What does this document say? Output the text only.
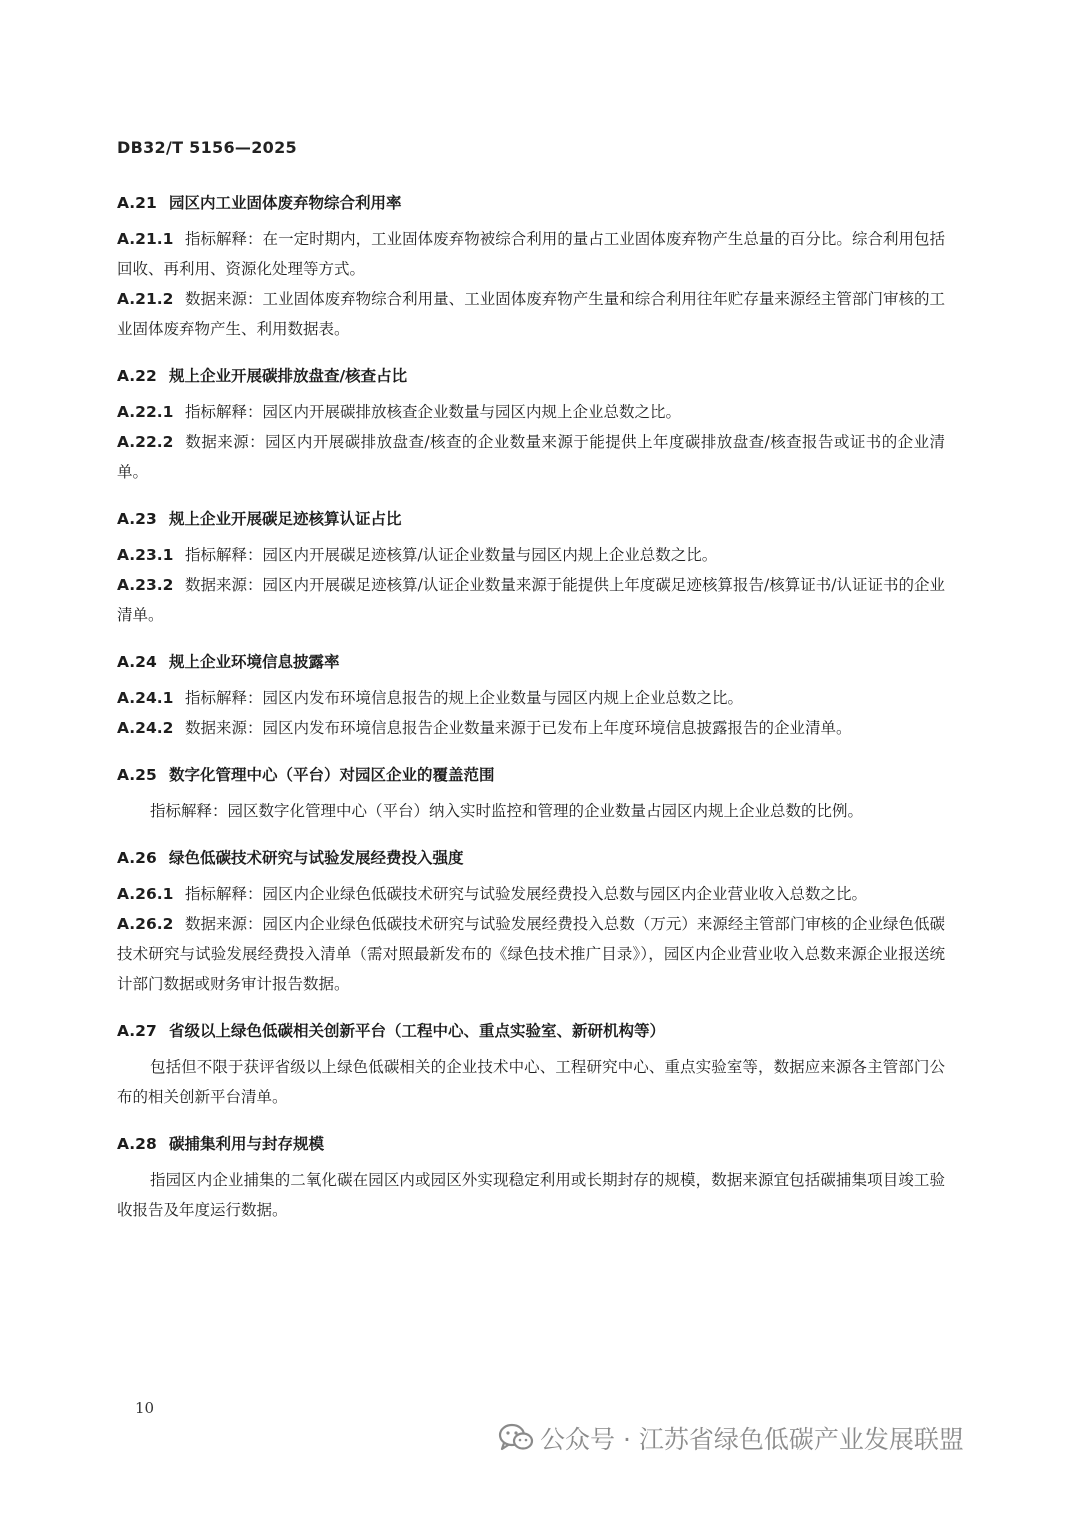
DB32/T 5156—2025
A.21 园区内工业固体废弃物综合利用率

A.21.1 指标解释：在一定时期内，工业固体废弃物被综合利用的量占工业固体废弃物产生总量的百分比。综合利用包括回收、再利用、资源化处理等方式。

A.21.2 数据来源：工业固体废弃物综合利用量、工业固体废弃物产生量和综合利用往年贮存量来源经主管部门审核的工业固体废弃物产生、利用数据表。

A.22 规上企业开展碳排放盘查/核查占比

A.22.1 指标解释：园区内开展碳排放核查企业数量与园区内规上企业总数之比。

A.22.2 数据来源：园区内开展碳排放盘查/核查的企业数量来源于能提供上年度碳排放盘查/核查报告或证书的企业清单。

A.23 规上企业开展碳足迹核算认证占比

A.23.1 指标解释：园区内开展碳足迹核算/认证企业数量与园区内规上企业总数之比。

A.23.2 数据来源：园区内开展碳足迹核算/认证企业数量来源于能提供上年度碳足迹核算报告/核算证书/认证证书的企业清单。

A.24 规上企业环境信息披露率

A.24.1 指标解释：园区内发布环境信息报告的规上企业数量与园区内规上企业总数之比。

A.24.2 数据来源：园区内发布环境信息报告企业数量来源于已发布上年度环境信息披露报告的企业清单。

A.25 数字化管理中心（平台）对园区企业的覆盖范围

指标解释：园区数字化管理中心（平台）纳入实时监控和管理的企业数量占园区内规上企业总数的比例。

A.26 绿色低碳技术研究与试验发展经费投入强度

A.26.1 指标解释：园区内企业绿色低碳技术研究与试验发展经费投入总数与园区内企业营业收入总数之比。

A.26.2 数据来源：园区内企业绿色低碳技术研究与试验发展经费投入总数（万元）来源经主管部门审核的企业绿色低碳技术研究与试验发展经费投入清单（需对照最新发布的《绿色技术推广目录》），园区内企业营业收入总数来源企业报送统计部门数据或财务审计报告数据。

A.27 省级以上绿色低碳相关创新平台（工程中心、重点实验室、新研机构等）

包括但不限于获评省级以上绿色低碳相关的企业技术中心、工程研究中心、重点实验室等，数据应来源各主管部门公布的相关创新平台清单。

A.28 碳捕集利用与封存规模

指园区内企业捕集的二氧化碳在园区内或园区外实现稳定利用或长期封存的规模，数据来源宜包括碳捕集项目竣工验收报告及年度运行数据。

10
公众号 · 江苏省绿色低碳产业发展联盟
